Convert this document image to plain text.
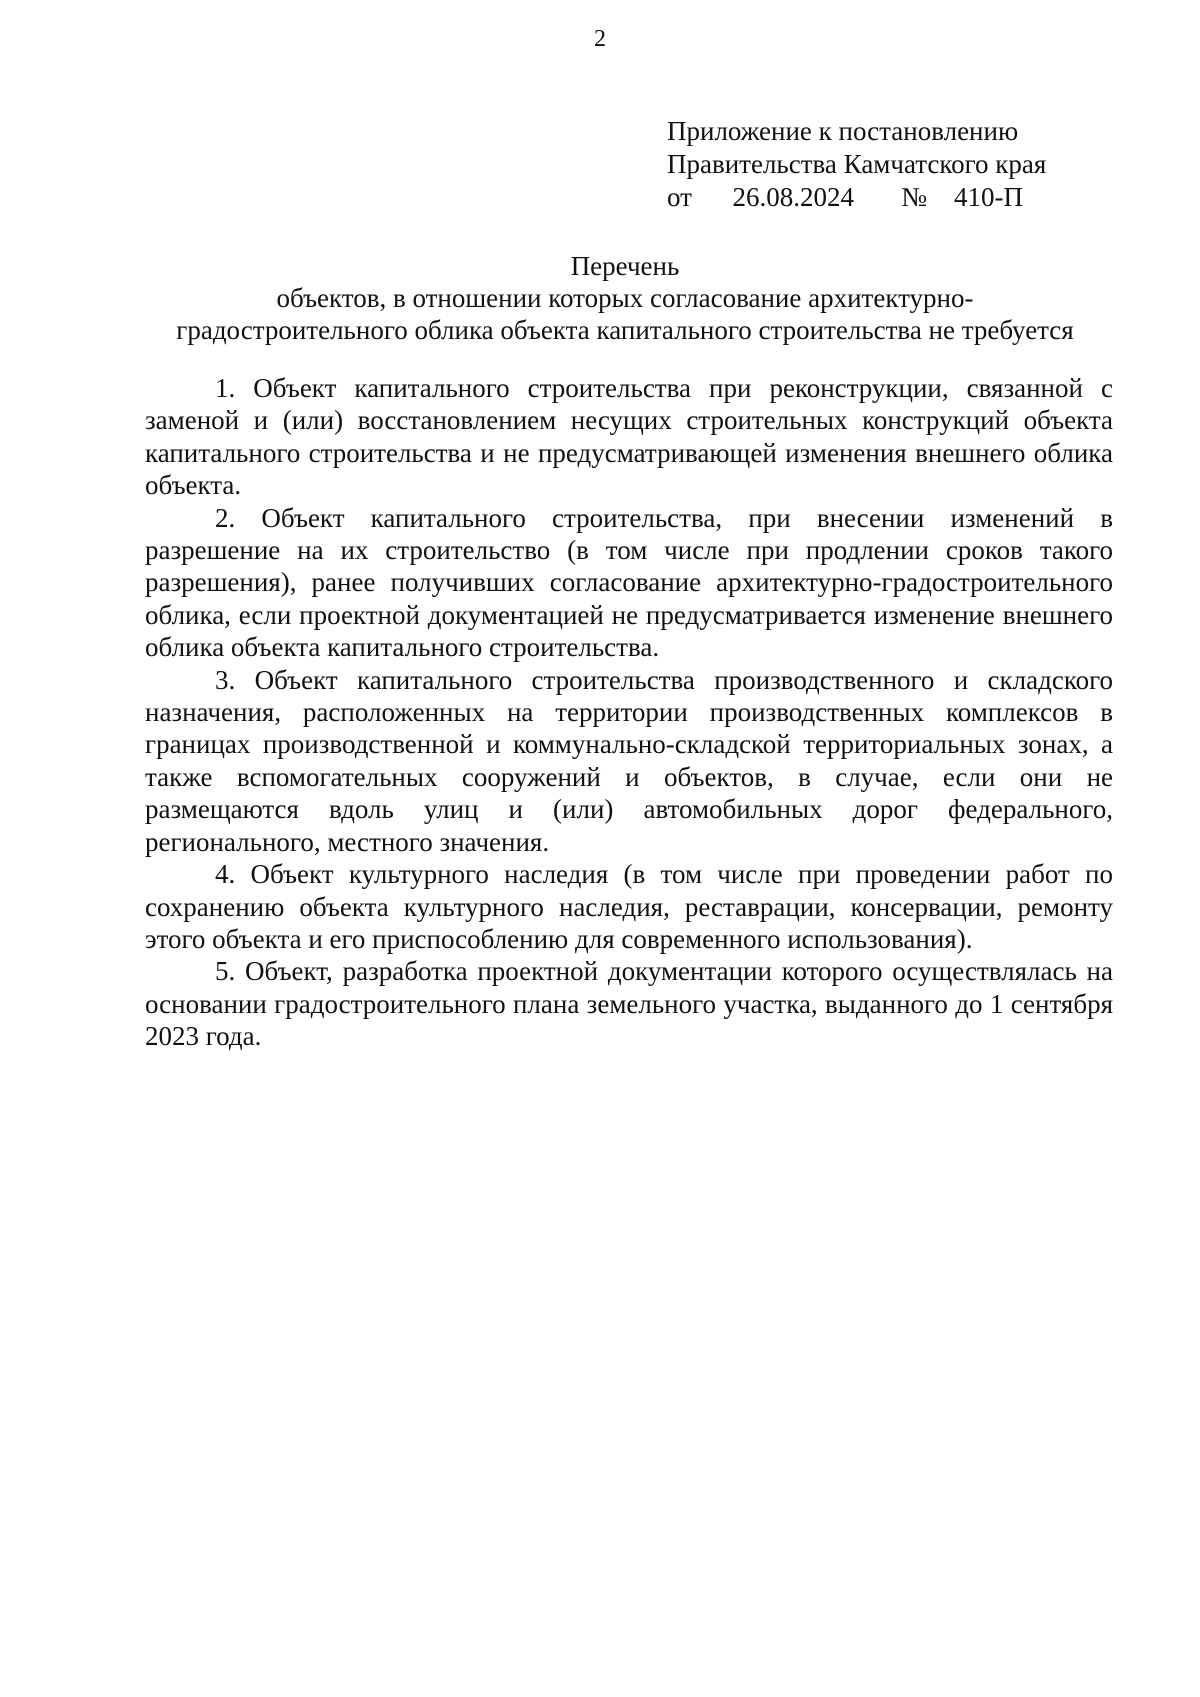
2
Приложение к постановлению
Правительства Камчатского края
от      26.08.2024       №    410-П
Перечень
объектов, в отношении которых согласование архитектурно-
градостроительного облика объекта капитального строительства не требуется

1. Объект капитального строительства при реконструкции, связанной с заменой и (или) восстановлением несущих строительных конструкций объекта капитального строительства и не предусматривающей изменения внешнего облика объекта.

2. Объект капитального строительства, при внесении изменений в разрешение на их строительство (в том числе при продлении сроков такого разрешения), ранее получивших согласование архитектурно-градостроительного облика, если проектной документацией не предусматривается изменение внешнего облика объекта капитального строительства.

3. Объект капитального строительства производственного и складского назначения, расположенных на территории производственных комплексов в границах производственной и коммунально-складской территориальных зонах, а также вспомогательных сооружений и объектов, в случае, если они не размещаются вдоль улиц и (или) автомобильных дорог федерального, регионального, местного значения.

4. Объект культурного наследия (в том числе при проведении работ по сохранению объекта культурного наследия, реставрации, консервации, ремонту этого объекта и его приспособлению для современного использования).

5. Объект, разработка проектной документации которого осуществлялась на основании градостроительного плана земельного участка, выданного до 1 сентября 2023 года.
